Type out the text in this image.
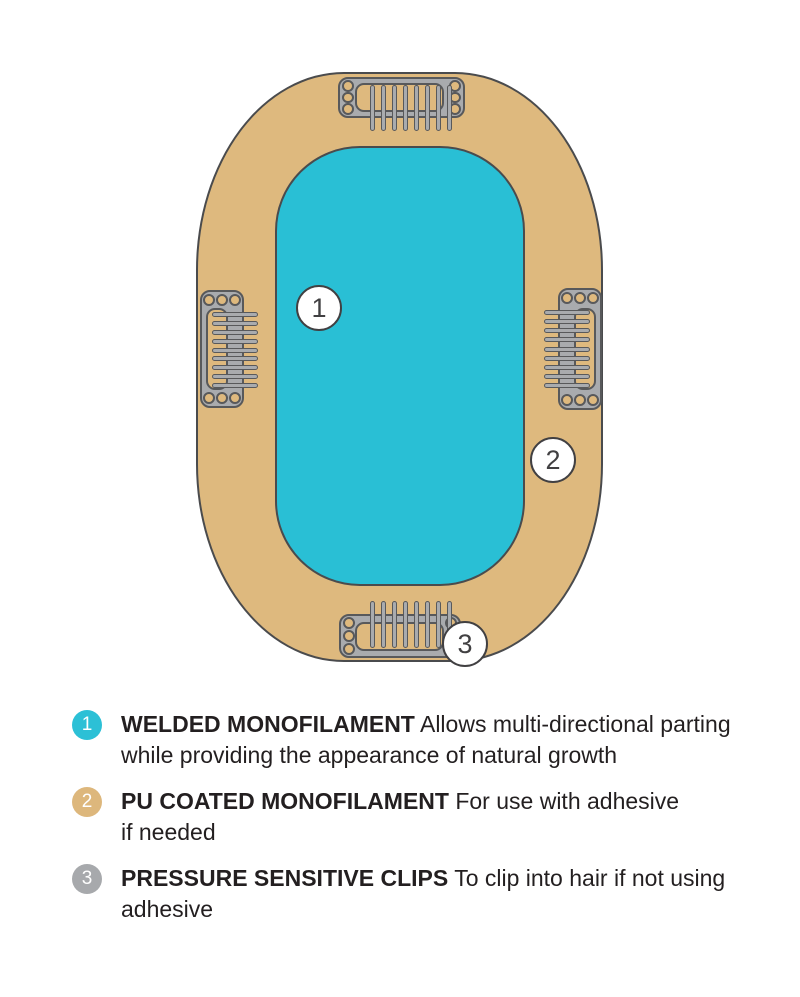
1
2
3
1	WELDED MONOFILAMENT Allows multi-directional parting
while providing the appearance of natural growth
2	PU COATED MONOFILAMENT For use with adhesive
if needed
3	PRESSURE SENSITIVE CLIPS To clip into hair if not using
adhesive
